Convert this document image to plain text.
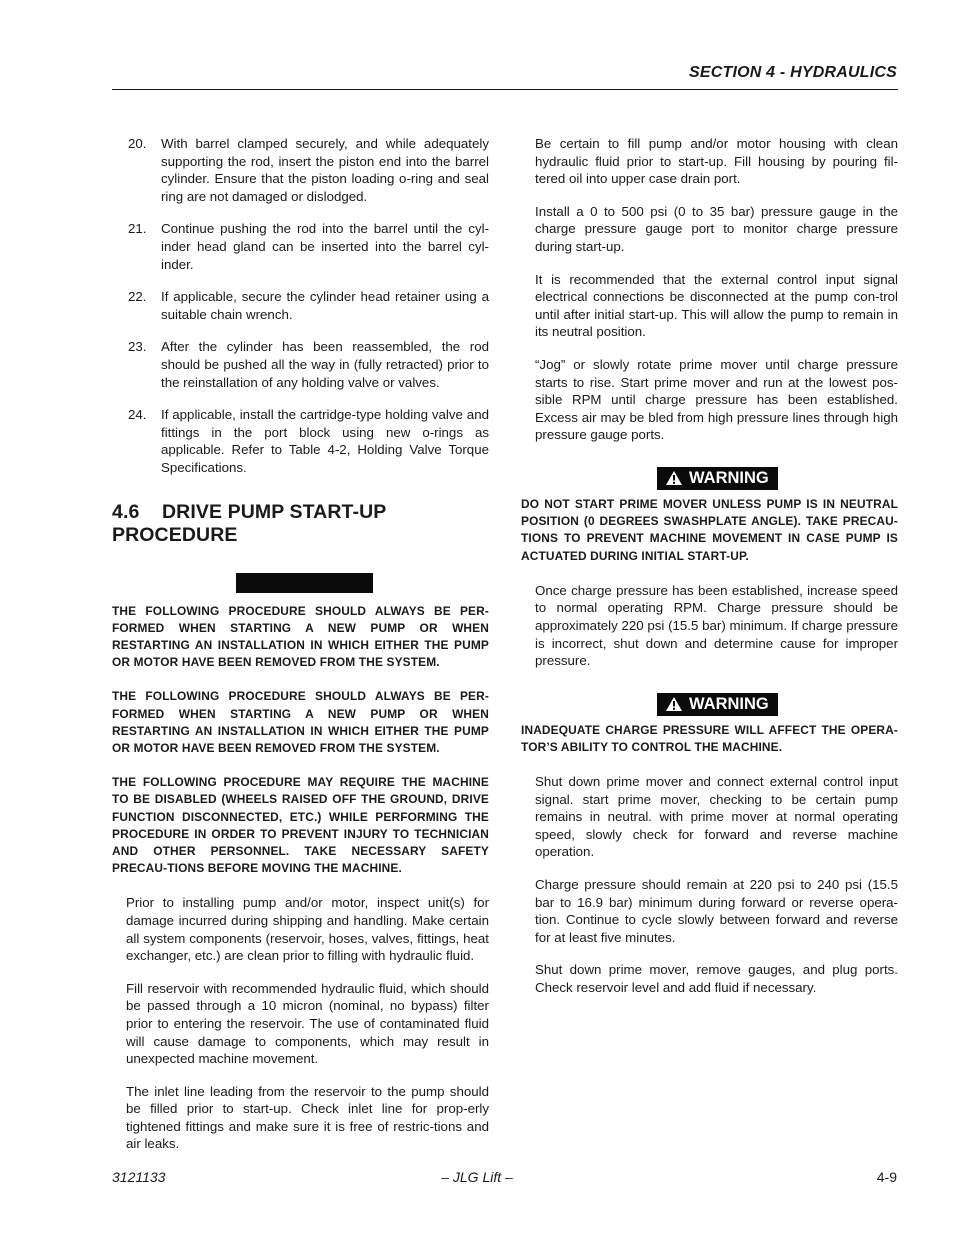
SECTION 4 - HYDRAULICS
20. With barrel clamped securely, and while adequately supporting the rod, insert the piston end into the barrel cylinder. Ensure that the piston loading o-ring and seal ring are not damaged or dislodged.
21. Continue pushing the rod into the barrel until the cyl-inder head gland can be inserted into the barrel cyl-inder.
22. If applicable, secure the cylinder head retainer using a suitable chain wrench.
23. After the cylinder has been reassembled, the rod should be pushed all the way in (fully retracted) prior to the reinstallation of any holding valve or valves.
24. If applicable, install the cartridge-type holding valve and fittings in the port block using new o-rings as applicable. Refer to Table 4-2, Holding Valve Torque Specifications.
4.6 DRIVE PUMP START-UP PROCEDURE
THE FOLLOWING PROCEDURE SHOULD ALWAYS BE PER-FORMED WHEN STARTING A NEW PUMP OR WHEN RESTARTING AN INSTALLATION IN WHICH EITHER THE PUMP OR MOTOR HAVE BEEN REMOVED FROM THE SYSTEM.
THE FOLLOWING PROCEDURE SHOULD ALWAYS BE PER-FORMED WHEN STARTING A NEW PUMP OR WHEN RESTARTING AN INSTALLATION IN WHICH EITHER THE PUMP OR MOTOR HAVE BEEN REMOVED FROM THE SYSTEM.
THE FOLLOWING PROCEDURE MAY REQUIRE THE MACHINE TO BE DISABLED (WHEELS RAISED OFF THE GROUND, DRIVE FUNCTION DISCONNECTED, ETC.) WHILE PERFORMING THE PROCEDURE IN ORDER TO PREVENT INJURY TO TECHNICIAN AND OTHER PERSONNEL. TAKE NECESSARY SAFETY PRECAU-TIONS BEFORE MOVING THE MACHINE.
Prior to installing pump and/or motor, inspect unit(s) for damage incurred during shipping and handling. Make certain all system components (reservoir, hoses, valves, fittings, heat exchanger, etc.) are clean prior to filling with hydraulic fluid.
Fill reservoir with recommended hydraulic fluid, which should be passed through a 10 micron (nominal, no bypass) filter prior to entering the reservoir. The use of contaminated fluid will cause damage to components, which may result in unexpected machine movement.
The inlet line leading from the reservoir to the pump should be filled prior to start-up. Check inlet line for prop-erly tightened fittings and make sure it is free of restric-tions and air leaks.
Be certain to fill pump and/or motor housing with clean hydraulic fluid prior to start-up. Fill housing by pouring fil-tered oil into upper case drain port.
Install a 0 to 500 psi (0 to 35 bar) pressure gauge in the charge pressure gauge port to monitor charge pressure during start-up.
It is recommended that the external control input signal electrical connections be disconnected at the pump con-trol until after initial start-up. This will allow the pump to remain in its neutral position.
“Jog” or slowly rotate prime mover until charge pressure starts to rise. Start prime mover and run at the lowest pos-sible RPM until charge pressure has been established. Excess air may be bled from high pressure lines through high pressure gauge ports.
WARNING
DO NOT START PRIME MOVER UNLESS PUMP IS IN NEUTRAL POSITION (0 DEGREES SWASHPLATE ANGLE). TAKE PRECAU-TIONS TO PREVENT MACHINE MOVEMENT IN CASE PUMP IS ACTUATED DURING INITIAL START-UP.
Once charge pressure has been established, increase speed to normal operating RPM. Charge pressure should be approximately 220 psi (15.5 bar) minimum. If charge pressure is incorrect, shut down and determine cause for improper pressure.
WARNING
INADEQUATE CHARGE PRESSURE WILL AFFECT THE OPERA-TOR’S ABILITY TO CONTROL THE MACHINE.
Shut down prime mover and connect external control input signal. start prime mover, checking to be certain pump remains in neutral. with prime mover at normal operating speed, slowly check for forward and reverse machine operation.
Charge pressure should remain at 220 psi to 240 psi (15.5 bar to 16.9 bar) minimum during forward or reverse opera-tion. Continue to cycle slowly between forward and reverse for at least five minutes.
Shut down prime mover, remove gauges, and plug ports. Check reservoir level and add fluid if necessary.
3121133	– JLG Lift –	4-9
